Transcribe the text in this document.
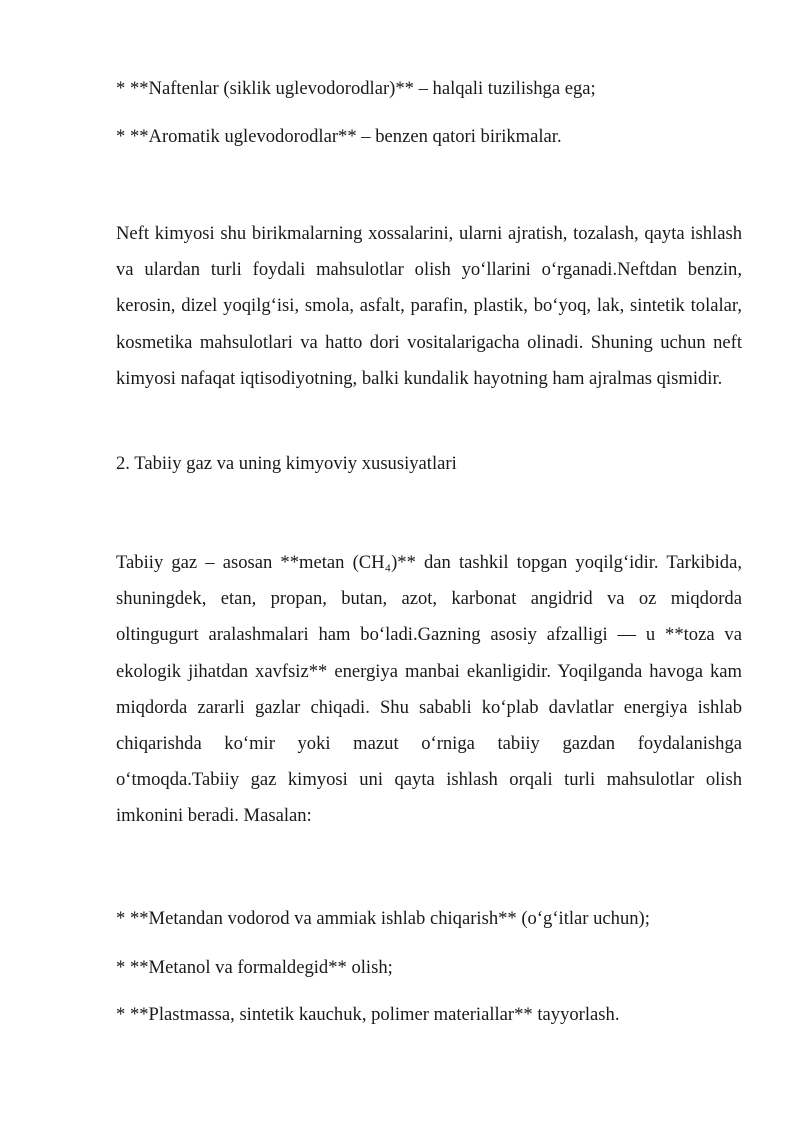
* **Naftenlar (siklik uglevodorodlar)** – halqali tuzilishga ega;
* **Aromatik uglevodorodlar** – benzen qatori birikmalar.
Neft kimyosi shu birikmalarning xossalarini, ularni ajratish, tozalash, qayta ishlash va ulardan turli foydali mahsulotlar olish yo‘llarini o‘rganadi.Neftdan benzin, kerosin, dizel yoqilg‘isi, smola, asfalt, parafin, plastik, bo‘yoq, lak, sintetik tolalar, kosmetika mahsulotlari va hatto dori vositalarigacha olinadi. Shuning uchun neft kimyosi nafaqat iqtisodiyotning, balki kundalik hayotning ham ajralmas qismidir.
2. Tabiiy gaz va uning kimyoviy xususiyatlari
Tabiiy gaz – asosan **metan (CH₄)** dan tashkil topgan yoqilg‘idir. Tarkibida, shuningdek, etan, propan, butan, azot, karbonat angidrid va oz miqdorda oltingugurt aralashmalari ham bo‘ladi.Gazning asosiy afzalligi — u **toza va ekologik jihatdan xavfsiz** energiya manbai ekanligidir. Yoqilganda havoga kam miqdorda zararli gazlar chiqadi. Shu sababli ko‘plab davlatlar energiya ishlab chiqarishda ko‘mir yoki mazut o‘rniga tabiiy gazdan foydalanishga o‘tmoqda.Tabiiy gaz kimyosi uni qayta ishlash orqali turli mahsulotlar olish imkonini beradi. Masalan:
* **Metandan vodorod va ammiak ishlab chiqarish** (o‘g‘itlar uchun);
* **Metanol va formaldegid** olish;
* **Plastmassa, sintetik kauchuk, polimer materiallar** tayyorlash.
